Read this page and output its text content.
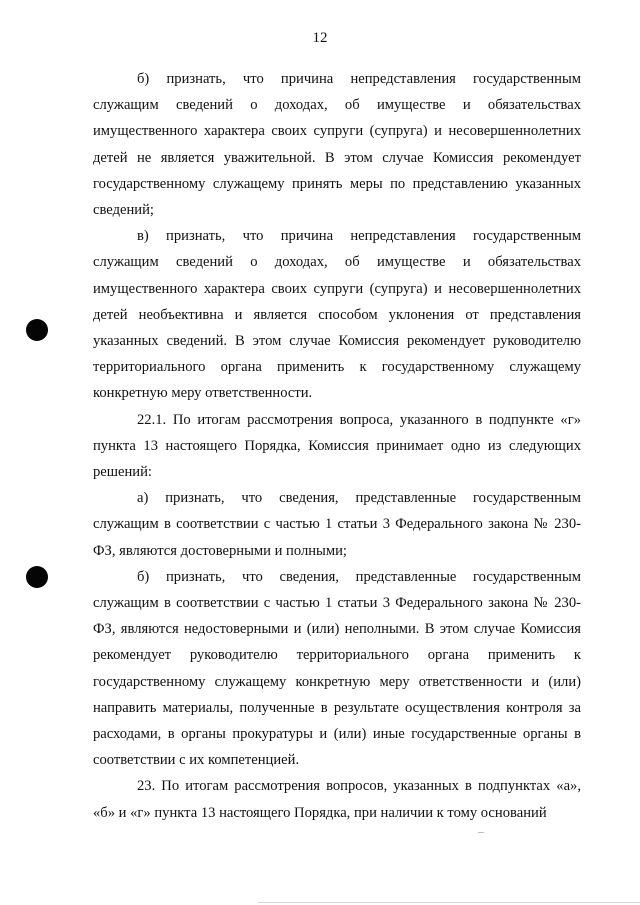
12

б) признать, что причина непредставления государственным служащим сведений о доходах, об имуществе и обязательствах имущественного характера своих супруги (супруга) и несовершеннолетних детей не является уважительной. В этом случае Комиссия рекомендует государственному служащему принять меры по представлению указанных сведений;

в) признать, что причина непредставления государственным служащим сведений о доходах, об имуществе и обязательствах имущественного характера своих супруги (супруга) и несовершеннолетних детей необъективна и является способом уклонения от представления указанных сведений. В этом случае Комиссия рекомендует руководителю территориального органа применить к государственному служащему конкретную меру ответственности.

22.1. По итогам рассмотрения вопроса, указанного в подпункте «г» пункта 13 настоящего Порядка, Комиссия принимает одно из следующих решений:

а) признать, что сведения, представленные государственным служащим в соответствии с частью 1 статьи 3 Федерального закона № 230-ФЗ, являются достоверными и полными;

б) признать, что сведения, представленные государственным служащим в соответствии с частью 1 статьи 3 Федерального закона № 230-ФЗ, являются недостоверными и (или) неполными. В этом случае Комиссия рекомендует руководителю территориального органа применить к государственному служащему конкретную меру ответственности и (или) направить материалы, полученные в результате осуществления контроля за расходами, в органы прокуратуры и (или) иные государственные органы в соответствии с их компетенцией.

23. По итогам рассмотрения вопросов, указанных в подпунктах «а», «б» и «г» пункта 13 настоящего Порядка, при наличии к тому оснований
